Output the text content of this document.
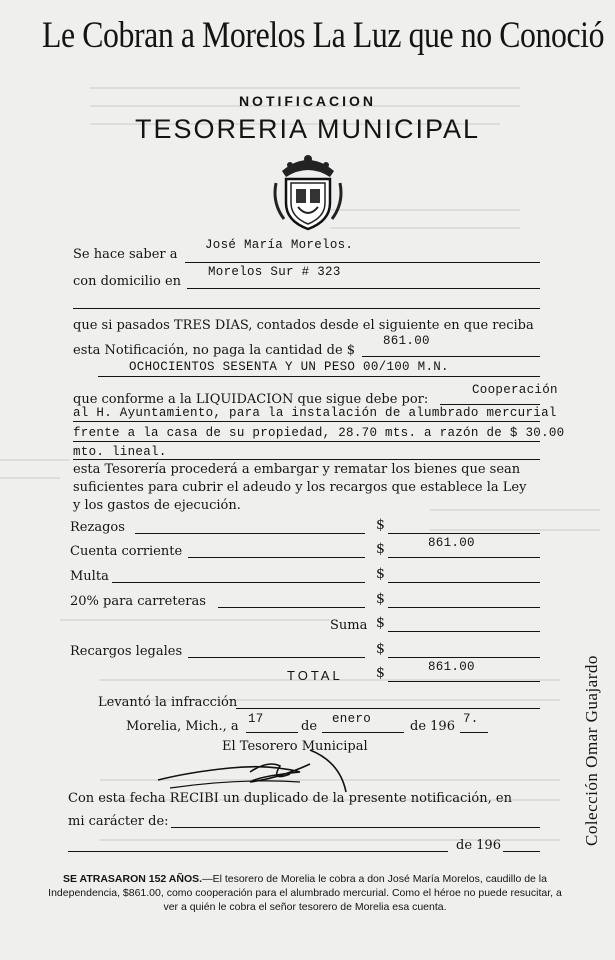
Le Cobran a Morelos La Luz que no Conoció
NOTIFICACION
TESORERIA MUNICIPAL
Se hace saber a
José María Morelos.
con domicilio en
Morelos Sur # 323
que si pasados TRES DIAS, contados desde el siguiente en que reciba
esta Notificación, no paga la cantidad de $
861.00
OCHOCIENTOS SESENTA Y UN PESO 00/100 M.N.
que conforme a la LIQUIDACION que sigue debe por:
Cooperación
al H. Ayuntamiento, para la instalación de alumbrado mercurial
frente a la casa de su propiedad, 28.70 mts. a razón de $ 30.00
mto. lineal.
esta Tesorería procederá a embargar y rematar los bienes que sean
suficientes para cubrir el adeudo y los recargos que establece la Ley
y los gastos de ejecución.
Rezagos	$
Cuenta corriente	$	861.00
Multa	$
20% para carreteras	$
Suma $
Recargos legales	$
TOTAL $	861.00
Levantó la infracción
Morelia, Mich., a 17	de enero	de 196 7.
El Tesorero Municipal
Con esta fecha RECIBI un duplicado de la presente notificación, en
mi carácter de:
de 196	Colección Omar Guajardo
SE ATRASARON 152 AÑOS.—El tesorero de Morelia le cobra a don José María Morelos, caudillo de la Independencia, $861.00, como cooperación para el alumbrado mercurial. Como el héroe no puede resucitar, a ver a quién le cobra el señor tesorero de Morelia esa cuenta.
